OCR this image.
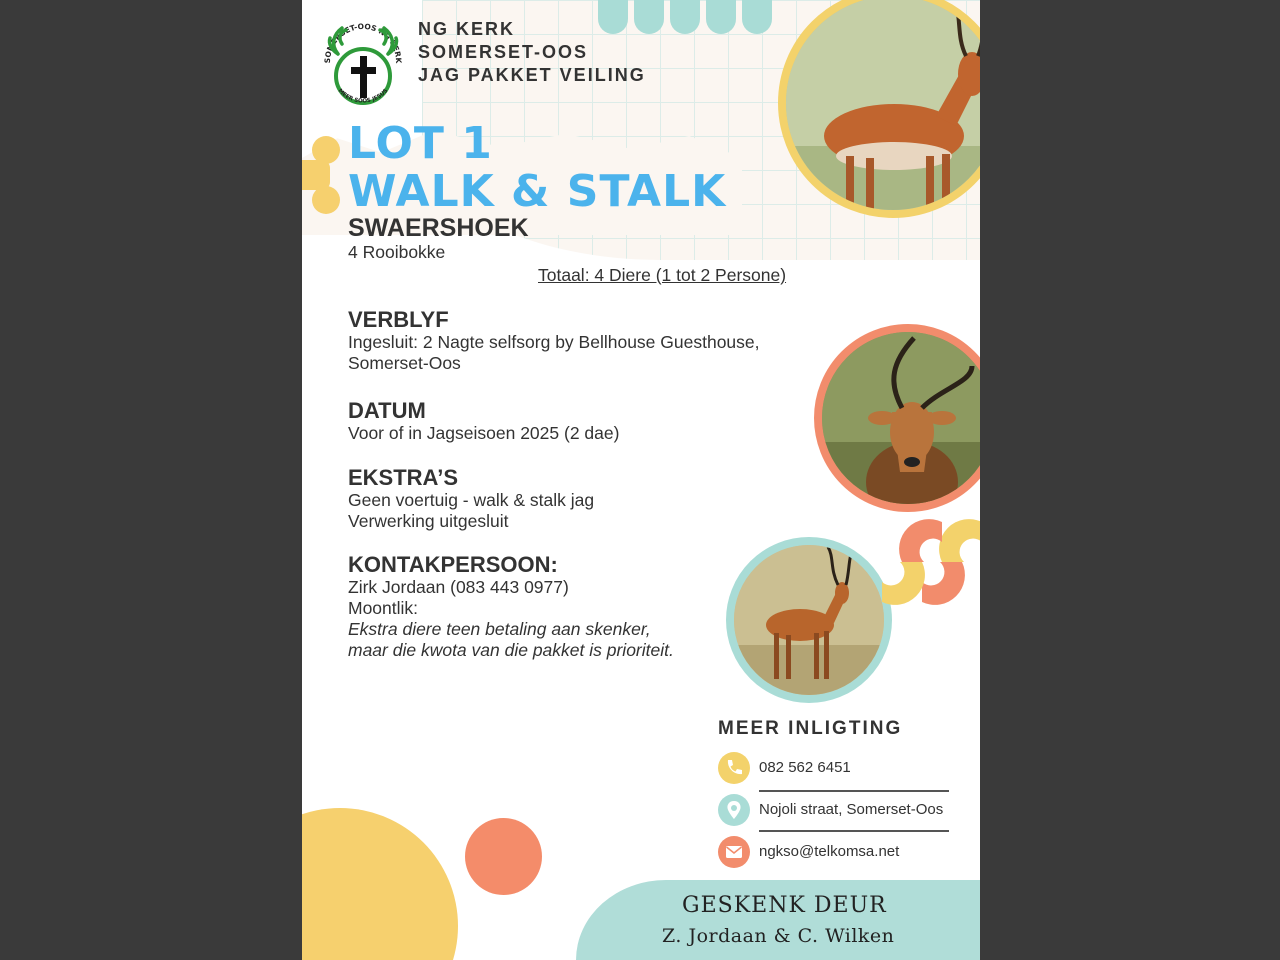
SOMERSET-OOS NG KERK
MEER SOOS JESUS
NG KERK
SOMERSET-OOS
JAG PAKKET VEILING
LOT 1
WALK & STALK

SWAERSHOEK

4 Rooibokke

Totaal: 4 Diere (1 tot 2 Persone)

VERBLYF

Ingesluit: 2 Nagte selfsorg by Bellhouse Guesthouse,

Somerset-Oos

DATUM

Voor of in Jagseisoen 2025 (2 dae)

EKSTRA’S

Geen voertuig - walk & stalk jag

Verwerking uitgesluit

KONTAKPERSOON:

Zirk Jordaan (083 443 0977)

Moontlik:

Ekstra diere teen betaling aan skenker,

maar die kwota van die pakket is prioriteit.

MEER INLIGTING
082 562 6451
Nojoli straat, Somerset-Oos
ngkso@telkomsa.net
GESKENK DEUR
Z. Jordaan & C. Wilken
